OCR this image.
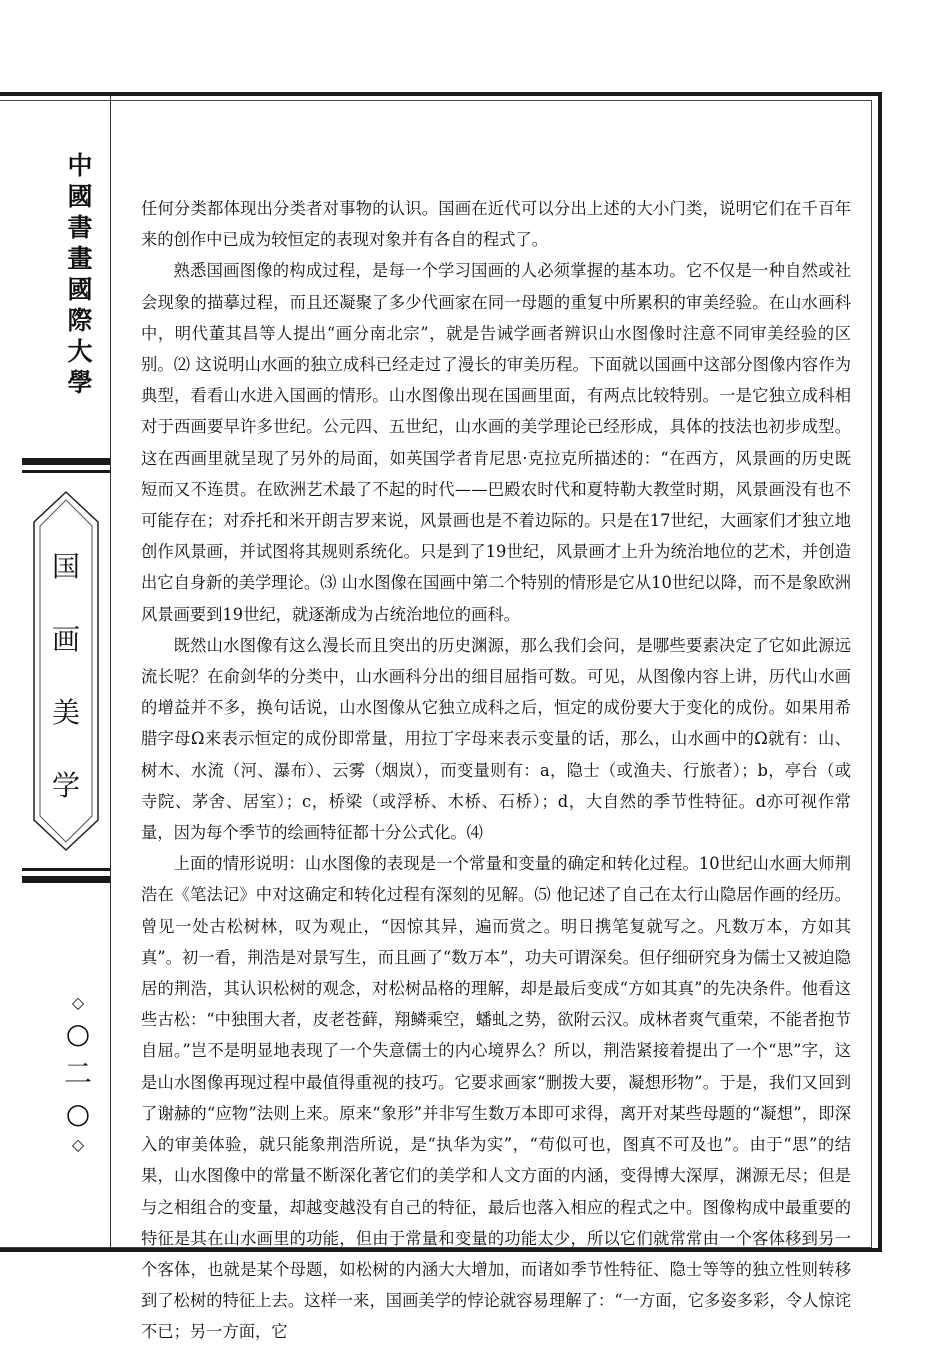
中
國
書
畫
國
際
大
學
国
画
美
学
◇
○
二
○
◇

任何分类都体现出分类者对事物的认识。国画在近代可以分出上述的大小门类，说明它们在千百年来的创作中已成为较恒定的表现对象并有各自的程式了。

熟悉国画图像的构成过程，是每一个学习国画的人必须掌握的基本功。它不仅是一种自然或社会现象的描摹过程，而且还凝聚了多少代画家在同一母题的重复中所累积的审美经验。在山水画科中，明代董其昌等人提出“画分南北宗”，就是告诫学画者辨识山水图像时注意不同审美经验的区别。⑵ 这说明山水画的独立成科已经走过了漫长的审美历程。下面就以国画中这部分图像内容作为典型，看看山水进入国画的情形。山水图像出现在国画里面，有两点比较特别。一是它独立成科相对于西画要早许多世纪。公元四、五世纪，山水画的美学理论已经形成，具体的技法也初步成型。这在西画里就呈现了另外的局面，如英国学者肯尼思·克拉克所描述的：“在西方，风景画的历史既短而又不连贯。在欧洲艺术最了不起的时代——巴殿农时代和夏特勒大教堂时期，风景画没有也不可能存在；对乔托和米开朗吉罗来说，风景画也是不着边际的。只是在17世纪，大画家们才独立地创作风景画，并试图将其规则系统化。只是到了19世纪，风景画才上升为统治地位的艺术，并创造出它自身新的美学理论。⑶ 山水图像在国画中第二个特别的情形是它从10世纪以降，而不是象欧洲风景画要到19世纪，就逐渐成为占统治地位的画科。

既然山水图像有这么漫长而且突出的历史渊源，那么我们会问，是哪些要素决定了它如此源远流长呢？在俞剑华的分类中，山水画科分出的细目屈指可数。可见，从图像内容上讲，历代山水画的增益并不多，换句话说，山水图像从它独立成科之后，恒定的成份要大于变化的成份。如果用希腊字母Ω来表示恒定的成份即常量，用拉丁字母来表示变量的话，那么，山水画中的Ω就有：山、树木、水流（河、瀑布）、云雾（烟岚），而变量则有：a，隐士（或渔夫、行旅者）；b，亭台（或寺院、茅舍、居室）；c，桥梁（或浮桥、木桥、石桥）；d，大自然的季节性特征。d亦可视作常量，因为每个季节的绘画特征都十分公式化。⑷

上面的情形说明：山水图像的表现是一个常量和变量的确定和转化过程。10世纪山水画大师荆浩在《笔法记》中对这确定和转化过程有深刻的见解。⑸ 他记述了自己在太行山隐居作画的经历。曾见一处古松树林，叹为观止，“因惊其异，遍而赏之。明日携笔复就写之。凡数万本，方如其真”。初一看，荆浩是对景写生，而且画了“数万本”，功夫可谓深矣。但仔细研究身为儒士又被迫隐居的荆浩，其认识松树的观念，对松树品格的理解，却是最后变成“方如其真”的先决条件。他看这些古松：“中独围大者，皮老苍藓，翔鳞乘空，蟠虬之势，欲附云汉。成林者爽气重荣，不能者抱节自屈。”岂不是明显地表现了一个失意儒士的内心境界么？所以，荆浩紧接着提出了一个“思”字，这是山水图像再现过程中最值得重视的技巧。它要求画家“删拨大要，凝想形物”。于是，我们又回到了谢赫的“应物”法则上来。原来“象形”并非写生数万本即可求得，离开对某些母题的“凝想”，即深入的审美体验，就只能象荆浩所说，是“执华为实”，“苟似可也，图真不可及也”。由于“思”的结果，山水图像中的常量不断深化著它们的美学和人文方面的内涵，变得博大深厚，渊源无尽；但是与之相组合的变量，却越变越没有自己的特征，最后也落入相应的程式之中。图像构成中最重要的特征是其在山水画里的功能，但由于常量和变量的功能太少，所以它们就常常由一个客体移到另一个客体，也就是某个母题，如松树的内涵大大增加，而诸如季节性特征、隐士等等的独立性则转移到了松树的特征上去。这样一来，国画美学的悖论就容易理解了：“一方面，它多姿多彩，令人惊诧不已；另一方面，它
